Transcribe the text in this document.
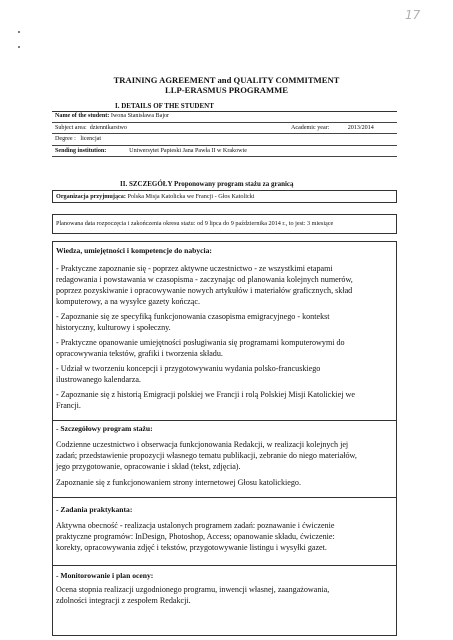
17
TRAINING AGREEMENT and QUALITY COMMITMENT
LLP-ERASMUS PROGRAMME
I. DETAILS OF THE STUDENT
Name of the student: Iwona Stanisława Bajor
Subject area: dziennikarstwo		Academic year:	2013/2014
Degree : licencjat
Sending institution:	Uniwersytet Papieski Jana Pawła II w Krakowie
II. SZCZEGÓŁY Proponowany program stażu za granicą
Organizacja przyjmująca: Polska Misja Katolicka we Francji - Głos Katolicki
Planowana data rozpoczęcia i zakończenia okresu stażu: od 9 lipca do 9 października 2014 r., to jest: 3 miesiące
Wiedza, umiejętności i kompetencje do nabycia:
- Praktyczne zapoznanie się - poprzez aktywne uczestnictwo - ze wszystkimi etapami
redagowania i powstawania w czasopisma - zaczynając od planowania kolejnych numerów,
poprzez pozyskiwanie i opracowywanie nowych artykułów i materiałów graficznych, skład
komputerowy, a na wysyłce gazety kończąc.
- Zapoznanie się ze specyfiką funkcjonowania czasopisma emigracyjnego - kontekst
historyczny, kulturowy i społeczny.
- Praktyczne opanowanie umiejętności posługiwania się programami komputerowymi do
opracowywania tekstów, grafiki i tworzenia składu.
- Udział w tworzeniu koncepcji i przygotowywaniu wydania polsko-francuskiego
ilustrowanego kalendarza.
- Zapoznanie się z historią Emigracji polskiej we Francji i rolą Polskiej Misji Katolickiej we
Francji.
- Szczegółowy program stażu:
Codzienne uczestnictwo i obserwacja funkcjonowania Redakcji, w realizacji kolejnych jej
zadań; przedstawienie propozycji własnego tematu publikacji, zebranie do niego materiałów,
jego przygotowanie, opracowanie i skład (tekst, zdjęcia).
Zapoznanie się z funkcjonowaniem strony internetowej Głosu katolickiego.
- Zadania praktykanta:
Aktywna obecność - realizacja ustalonych programem zadań: poznawanie i ćwiczenie
praktyczne programów: InDesign, Photoshop, Access; opanowanie składu, ćwiczenie:
korekty, opracowywania zdjęć i tekstów, przygotowywanie listingu i wysyłki gazet.
- Monitorowanie i plan oceny:
Ocena stopnia realizacji uzgodnionego programu, inwencji własnej, zaangażowania,
zdolności integracji z zespołem Redakcji.
